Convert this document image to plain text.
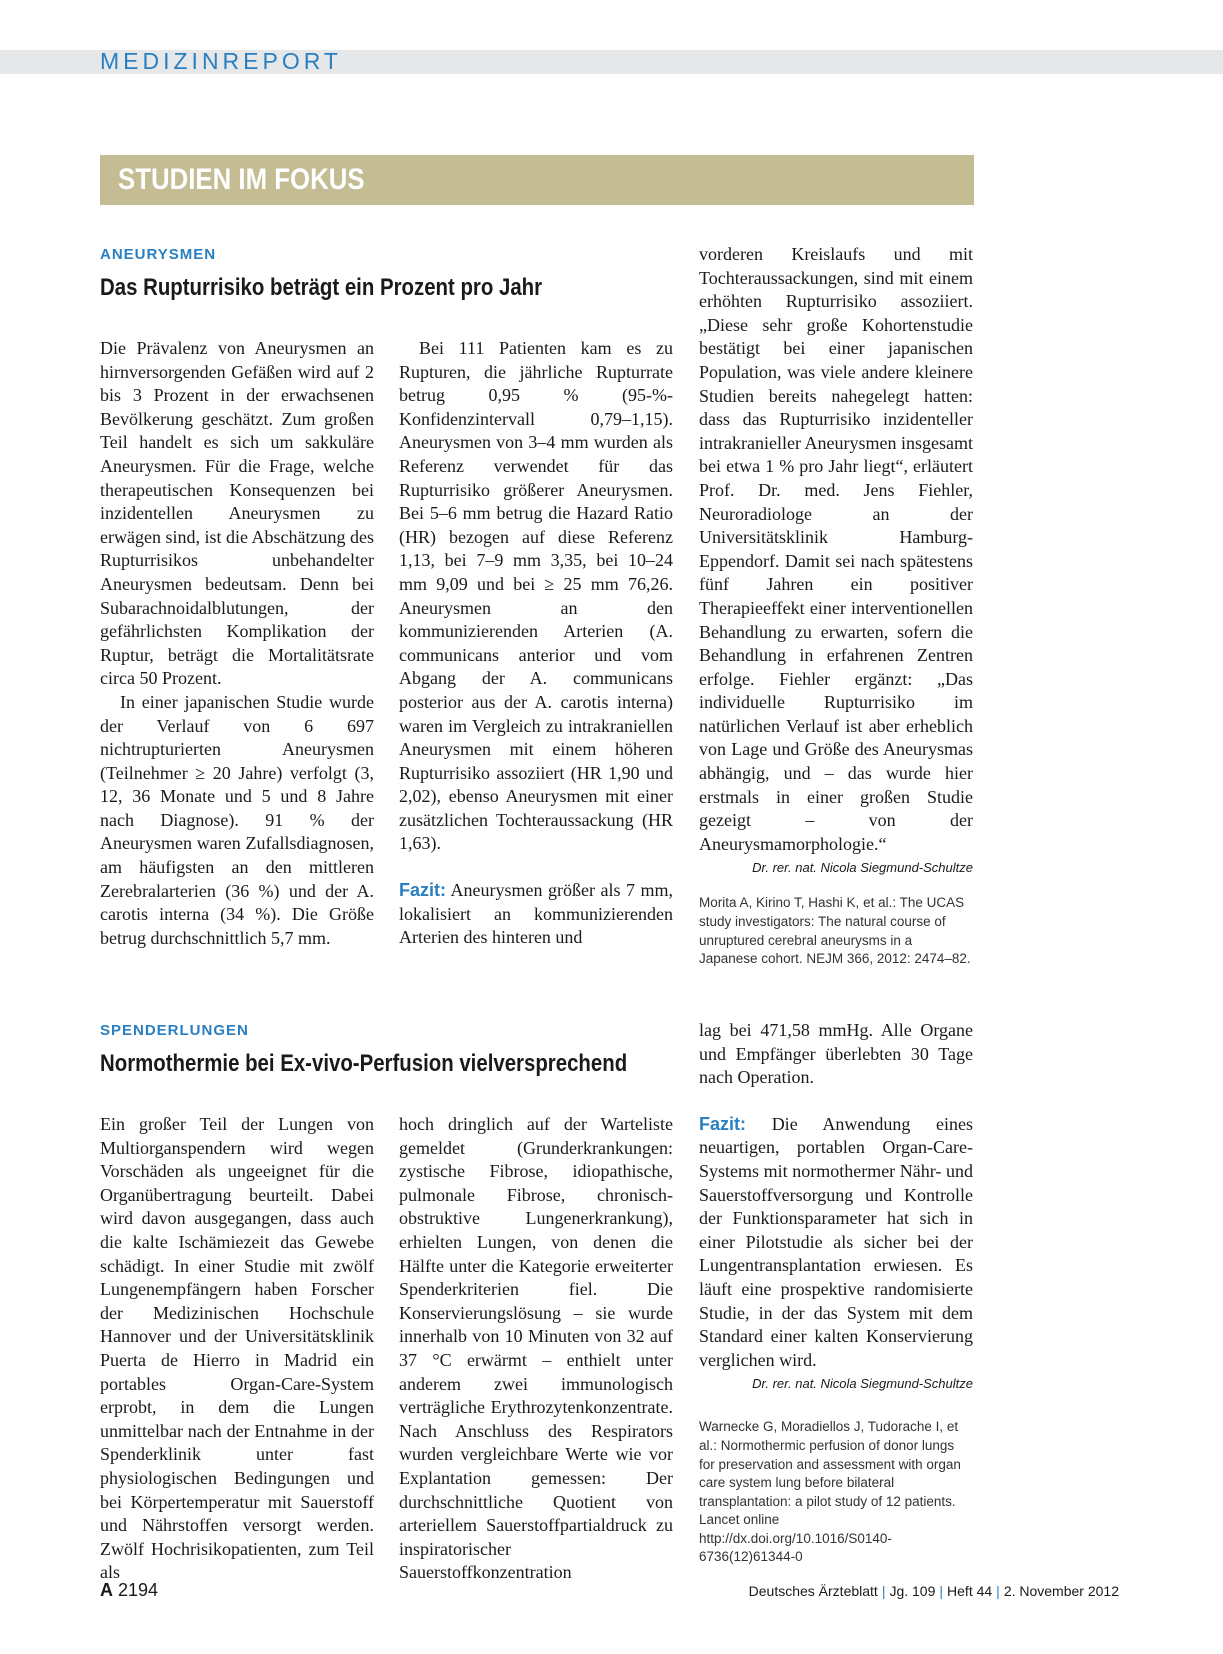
MEDIZINREPORT
STUDIEN IM FOKUS
ANEURYSMEN
Das Rupturrisiko beträgt ein Prozent pro Jahr

Die Prävalenz von Aneurysmen an hirnversorgenden Gefäßen wird auf 2 bis 3 Prozent in der erwachsenen Bevölkerung geschätzt. Zum großen Teil handelt es sich um sakkuläre Aneurysmen. Für die Frage, welche therapeutischen Konsequenzen bei inzidentellen Aneurysmen zu erwägen sind, ist die Abschätzung des Rupturrisikos unbehandelter Aneurysmen bedeutsam. Denn bei Subarachnoidalblutungen, der gefährlichsten Komplikation der Ruptur, beträgt die Mortalitätsrate circa 50 Prozent.

In einer japanischen Studie wurde der Verlauf von 6 697 nichtrupturierten Aneurysmen (Teilnehmer ≥ 20 Jahre) verfolgt (3, 12, 36 Monate und 5 und 8 Jahre nach Diagnose). 91 % der Aneurysmen waren Zufallsdiagnosen, am häufigsten an den mittleren Zerebralarterien (36 %) und der A. carotis interna (34 %). Die Größe betrug durchschnittlich 5,7 mm.

Bei 111 Patienten kam es zu Rupturen, die jährliche Rupturrate betrug 0,95 % (95-%-Konfidenzintervall 0,79–1,15). Aneurysmen von 3–4 mm wurden als Referenz verwendet für das Rupturrisiko größerer Aneurysmen. Bei 5–6 mm betrug die Hazard Ratio (HR) bezogen auf diese Referenz 1,13, bei 7–9 mm 3,35, bei 10–24 mm 9,09 und bei ≥ 25 mm 76,26. Aneurysmen an den kommunizierenden Arterien (A. communicans anterior und vom Abgang der A. communicans posterior aus der A. carotis interna) waren im Vergleich zu intrakraniellen Aneurysmen mit einem höheren Rupturrisiko assoziiert (HR 1,90 und 2,02), ebenso Aneurysmen mit einer zusätzlichen Tochteraussackung (HR 1,63).

Fazit: Aneurysmen größer als 7 mm, lokalisiert an kommunizierenden Arterien des hinteren und

vorderen Kreislaufs und mit Tochteraussackungen, sind mit einem erhöhten Rupturrisiko assoziiert. „Diese sehr große Kohortenstudie bestätigt bei einer japanischen Population, was viele andere kleinere Studien bereits nahegelegt hatten: dass das Rupturrisiko inzidenteller intrakranieller Aneurysmen insgesamt bei etwa 1 % pro Jahr liegt“, erläutert Prof. Dr. med. Jens Fiehler, Neuroradiologe an der Universitätsklinik Hamburg-Eppendorf. Damit sei nach spätestens fünf Jahren ein positiver Therapieeffekt einer interventionellen Behandlung zu erwarten, sofern die Behandlung in erfahrenen Zentren erfolge. Fiehler ergänzt: „Das individuelle Rupturrisiko im natürlichen Verlauf ist aber erheblich von Lage und Größe des Aneurysmas abhängig, und – das wurde hier erstmals in einer großen Studie gezeigt – von der Aneurysmamorphologie.“

Dr. rer. nat. Nicola Siegmund-Schultze
Morita A, Kirino T, Hashi K, et al.: The UCAS study investigators: The natural course of unruptured cerebral aneurysms in a Japanese cohort. NEJM 366, 2012: 2474–82.
SPENDERLUNGEN
Normothermie bei Ex-vivo-Perfusion vielversprechend

Ein großer Teil der Lungen von Multiorganspendern wird wegen Vorschäden als ungeeignet für die Organübertragung beurteilt. Dabei wird davon ausgegangen, dass auch die kalte Ischämiezeit das Gewebe schädigt. In einer Studie mit zwölf Lungenempfängern haben Forscher der Medizinischen Hochschule Hannover und der Universitätsklinik Puerta de Hierro in Madrid ein portables Organ-Care-System erprobt, in dem die Lungen unmittelbar nach der Entnahme in der Spenderklinik unter fast physiologischen Bedingungen und bei Körpertemperatur mit Sauerstoff und Nährstoffen versorgt werden. Zwölf Hochrisikopatienten, zum Teil als

hoch dringlich auf der Warteliste gemeldet (Grunderkrankungen: zystische Fibrose, idiopathische, pulmonale Fibrose, chronisch-obstruktive Lungenerkrankung), erhielten Lungen, von denen die Hälfte unter die Kategorie erweiterter Spenderkriterien fiel. Die Konservierungslösung – sie wurde innerhalb von 10 Minuten von 32 auf 37 °C erwärmt – enthielt unter anderem zwei immunologisch verträgliche Erythrozytenkonzentrate. Nach Anschluss des Respirators wurden vergleichbare Werte wie vor Explantation gemessen: Der durchschnittliche Quotient von arteriellem Sauerstoffpartialdruck zu inspiratorischer Sauerstoffkonzentration

lag bei 471,58 mmHg. Alle Organe und Empfänger überlebten 30 Tage nach Operation.

Fazit: Die Anwendung eines neuartigen, portablen Organ-Care-Systems mit normothermer Nähr- und Sauerstoffversorgung und Kontrolle der Funktionsparameter hat sich in einer Pilotstudie als sicher bei der Lungentransplantation erwiesen. Es läuft eine prospektive randomisierte Studie, in der das System mit dem Standard einer kalten Konservierung verglichen wird.

Dr. rer. nat. Nicola Siegmund-Schultze
Warnecke G, Moradiellos J, Tudorache I, et al.: Normothermic perfusion of donor lungs for preservation and assessment with organ care system lung before bilateral transplantation: a pilot study of 12 patients. Lancet online http://dx.doi.org/10.1016/S0140-6736(12)61344-0
A 2194	Deutsches Ärzteblatt | Jg. 109 | Heft 44 | 2. November 2012
